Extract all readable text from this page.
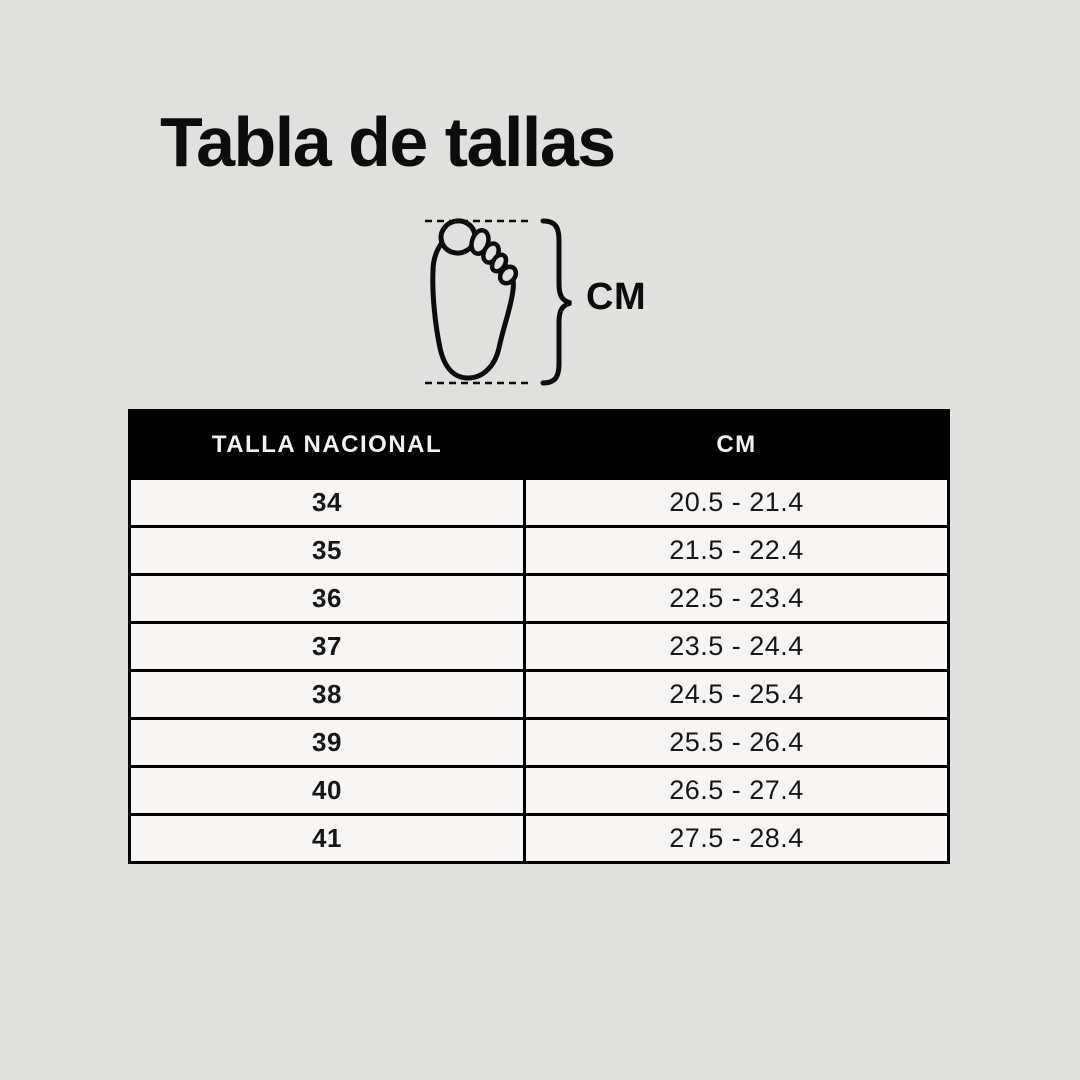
Tabla de tallas
CM
TALLA NACIONAL	CM
34	20.5 - 21.4
35	21.5 - 22.4
36	22.5 - 23.4
37	23.5 - 24.4
38	24.5 - 25.4
39	25.5 - 26.4
40	26.5 - 27.4
41	27.5 - 28.4
